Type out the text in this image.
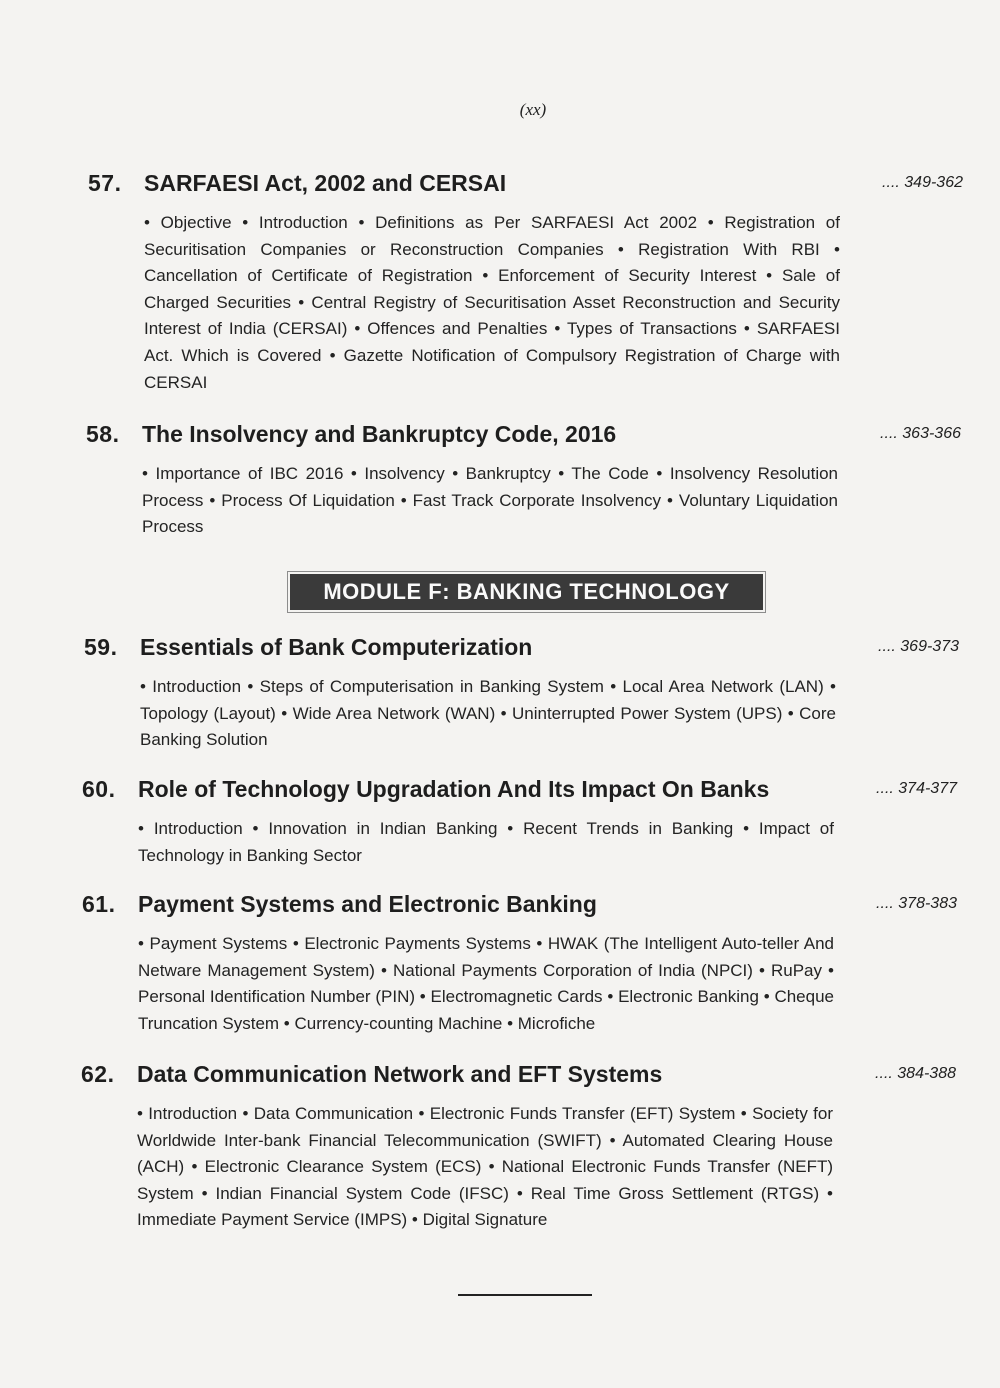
(xx)
57. SARFAESI Act, 2002 and CERSAI	.... 349-362
• Objective • Introduction • Definitions as Per SARFAESI Act 2002 • Registration of Securitisation Companies or Reconstruction Companies • Registration With RBI • Cancellation of Certificate of Registration • Enforcement of Security Interest • Sale of Charged Securities • Central Registry of Securitisation Asset Reconstruction and Security Interest of India (CERSAI) • Offences and Penalties • Types of Transactions • SARFAESI Act. Which is Covered • Gazette Notification of Compulsory Registration of Charge with CERSAI
58. The Insolvency and Bankruptcy Code, 2016	.... 363-366
• Importance of IBC 2016 • Insolvency • Bankruptcy • The Code • Insolvency Resolution Process • Process Of Liquidation • Fast Track Corporate Insolvency • Voluntary Liquidation Process
MODULE F: BANKING TECHNOLOGY
59. Essentials of Bank Computerization	.... 369-373
• Introduction • Steps of Computerisation in Banking System • Local Area Network (LAN) • Topology (Layout) • Wide Area Network (WAN) • Uninterrupted Power System (UPS) • Core Banking Solution
60. Role of Technology Upgradation And Its Impact On Banks	.... 374-377
• Introduction • Innovation in Indian Banking • Recent Trends in Banking • Impact of Technology in Banking Sector
61. Payment Systems and Electronic Banking	.... 378-383
• Payment Systems • Electronic Payments Systems • HWAK (The Intelligent Auto-teller And Netware Management System) • National Payments Corporation of India (NPCI) • RuPay • Personal Identification Number (PIN) • Electromagnetic Cards • Electronic Banking • Cheque Truncation System • Currency-counting Machine • Microfiche
62. Data Communication Network and EFT Systems	.... 384-388
• Introduction • Data Communication • Electronic Funds Transfer (EFT) System • Society for Worldwide Inter-bank Financial Telecommunication (SWIFT) • Automated Clearing House (ACH) • Electronic Clearance System (ECS) • National Electronic Funds Transfer (NEFT) System • Indian Financial System Code (IFSC) • Real Time Gross Settlement (RTGS) • Immediate Payment Service (IMPS) • Digital Signature
